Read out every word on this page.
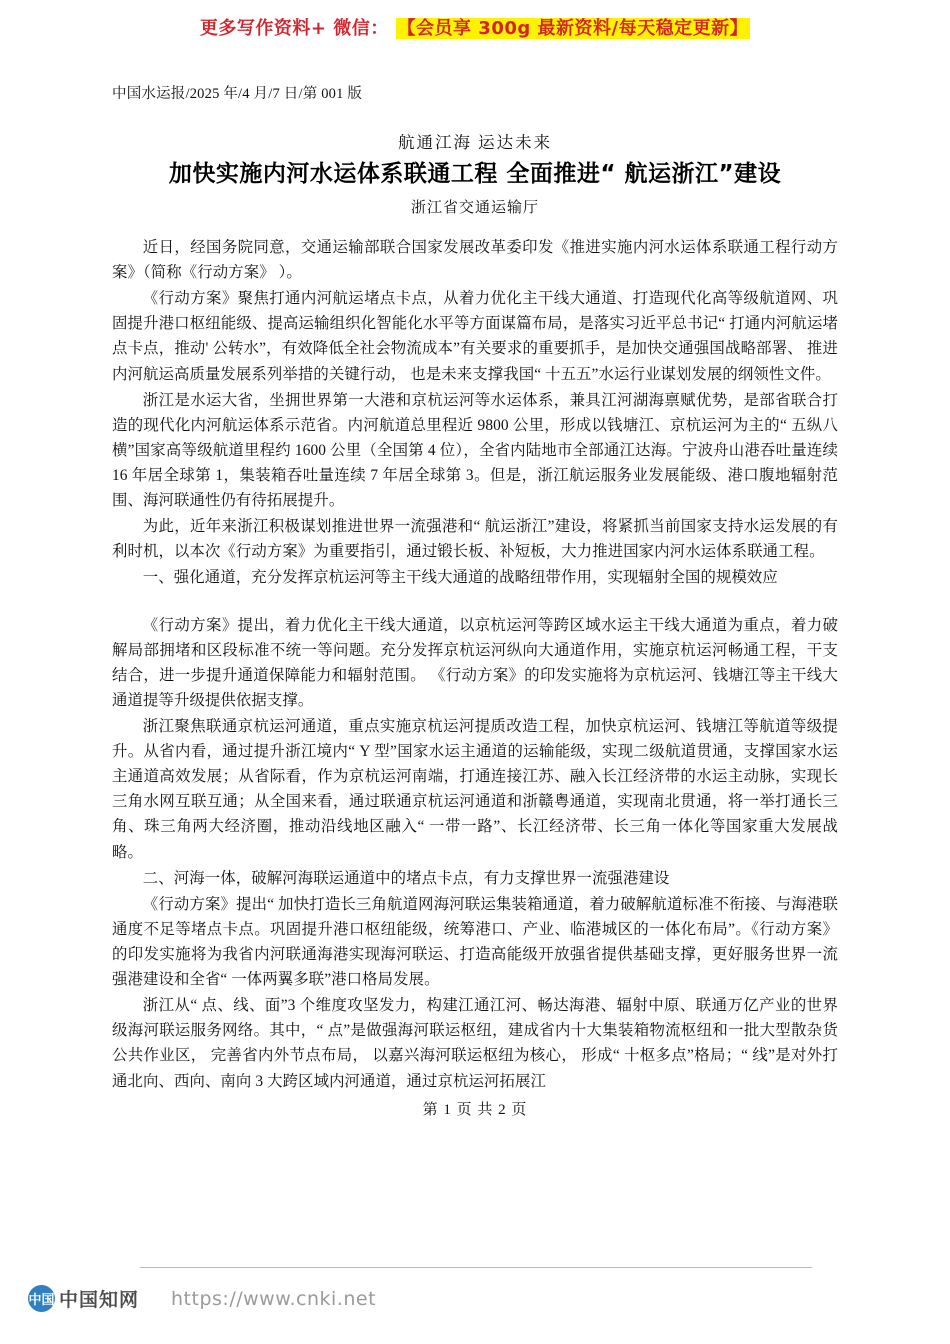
更多写作资料+ 微信： 【会员享 300g 最新资料/每天稳定更新】
中国水运报/2025 年/4 月/7 日/第 001 版
航通江海 运达未来
加快实施内河水运体系联通工程 全面推进“ 航运浙江”建设
浙江省交通运输厅

近日，经国务院同意，交通运输部联合国家发展改革委印发《推进实施内河水运体系联通工程行动方案》（简称《行动方案》 ）。

《行动方案》聚焦打通内河航运堵点卡点，从着力优化主干线大通道、打造现代化高等级航道网、巩固提升港口枢纽能级、提高运输组织化智能化水平等方面谋篇布局，是落实习近平总书记“ 打通内河航运堵点卡点，推动' 公转水”，有效降低全社会物流成本”有关要求的重要抓手，是加快交通强国战略部署、 推进内河航运高质量发展系列举措的关键行动， 也是未来支撑我国“ 十五五”水运行业谋划发展的纲领性文件。

浙江是水运大省，坐拥世界第一大港和京杭运河等水运体系，兼具江河湖海禀赋优势，是部省联合打造的现代化内河航运体系示范省。内河航道总里程近 9800 公里，形成以钱塘江、京杭运河为主的“ 五纵八横”国家高等级航道里程约 1600 公里（全国第 4 位），全省内陆地市全部通江达海。宁波舟山港吞吐量连续 16 年居全球第 1，集装箱吞吐量连续 7 年居全球第 3。但是，浙江航运服务业发展能级、港口腹地辐射范围、海河联通性仍有待拓展提升。

为此，近年来浙江积极谋划推进世界一流强港和“ 航运浙江”建设，将紧抓当前国家支持水运发展的有利时机，以本次《行动方案》为重要指引，通过锻长板、补短板，大力推进国家内河水运体系联通工程。

一、强化通道，充分发挥京杭运河等主干线大通道的战略纽带作用，实现辐射全国的规模效应

《行动方案》提出，着力优化主干线大通道，以京杭运河等跨区域水运主干线大通道为重点，着力破解局部拥堵和区段标准不统一等问题。充分发挥京杭运河纵向大通道作用，实施京杭运河畅通工程，干支结合，进一步提升通道保障能力和辐射范围。 《行动方案》的印发实施将为京杭运河、钱塘江等主干线大通道提等升级提供依据支撑。

浙江聚焦联通京杭运河通道，重点实施京杭运河提质改造工程，加快京杭运河、钱塘江等航道等级提升。从省内看，通过提升浙江境内“ Y 型”国家水运主通道的运输能级，实现二级航道贯通，支撑国家水运主通道高效发展；从省际看，作为京杭运河南端，打通连接江苏、融入长江经济带的水运主动脉，实现长三角水网互联互通；从全国来看，通过联通京杭运河通道和浙赣粤通道，实现南北贯通，将一举打通长三角、珠三角两大经济圈，推动沿线地区融入“ 一带一路”、长江经济带、长三角一体化等国家重大发展战略。

二、河海一体，破解河海联运通道中的堵点卡点，有力支撑世界一流强港建设

《行动方案》提出“ 加快打造长三角航道网海河联运集装箱通道，着力破解航道标准不衔接、与海港联通度不足等堵点卡点。巩固提升港口枢纽能级，统筹港口、产业、临港城区的一体化布局”。《行动方案》的印发实施将为我省内河联通海港实现海河联运、打造高能级开放强省提供基础支撑，更好服务世界一流强港建设和全省“ 一体两翼多联”港口格局发展。

浙江从“ 点、线、面”3 个维度攻坚发力，构建江通江河、畅达海港、辐射中原、联通万亿产业的世界级海河联运服务网络。其中，“ 点”是做强海河联运枢纽，建成省内十大集装箱物流枢纽和一批大型散杂货公共作业区， 完善省内外节点布局， 以嘉兴海河联运枢纽为核心， 形成“ 十枢多点”格局；“ 线”是对外打通北向、西向、南向 3 大跨区域内河通道，通过京杭运河拓展江

第 1 页 共 2 页
中国 中国知网 https://www.cnki.net
